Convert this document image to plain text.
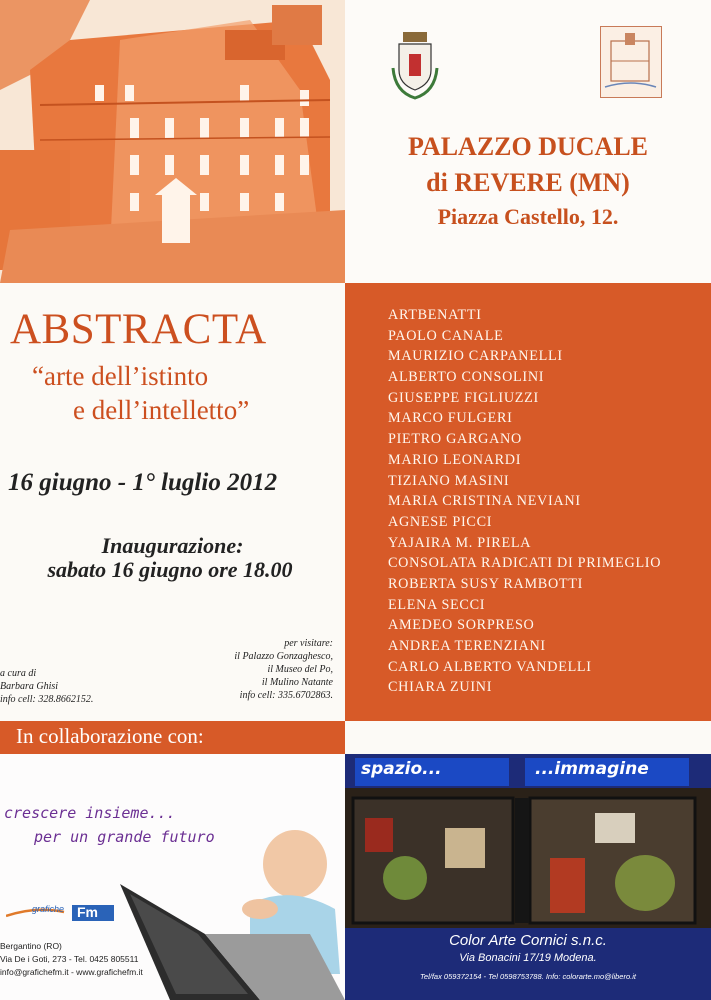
PALAZZO DUCALE
di REVERE (MN)
Piazza Castello, 12.
ABSTRACTA
“arte dell’istinto
e dell’intelletto”
16 giugno - 1° luglio 2012
Inaugurazione:
sabato 16 giugno ore 18.00
a cura di
Barbara Ghisi
info cell: 328.8662152.
per visitare:
il Palazzo Gonzaghesco,
il Museo del Po,
il Mulino Natante
info cell: 335.6702863.
ARTBENATTI
PAOLO CANALE
MAURIZIO CARPANELLI
ALBERTO CONSOLINI
GIUSEPPE FIGLIUZZI
MARCO FULGERI
PIETRO GARGANO
MARIO LEONARDI
TIZIANO MASINI
MARIA CRISTINA NEVIANI
AGNESE PICCI
YAJAIRA M. PIRELA
CONSOLATA RADICATI DI PRIMEGLIO
ROBERTA SUSY RAMBOTTI
ELENA SECCI
AMEDEO SORPRESO
ANDREA TERENZIANI
CARLO ALBERTO VANDELLI
CHIARA ZUINI
In collaborazione con:
crescere insieme...
per un grande futuro
grafiche Fm
Bergantino (RO)
Via De i Goti, 273 - Tel. 0425 805511
info@grafichefm.it - www.grafichefm.it
spazio...	...immagine
Color Arte Cornici s.n.c.
Via Bonacini 17/19 Modena.
Tel/fax 059372154 - Tel 0598753788. Info: colorarte.mo@libero.it
